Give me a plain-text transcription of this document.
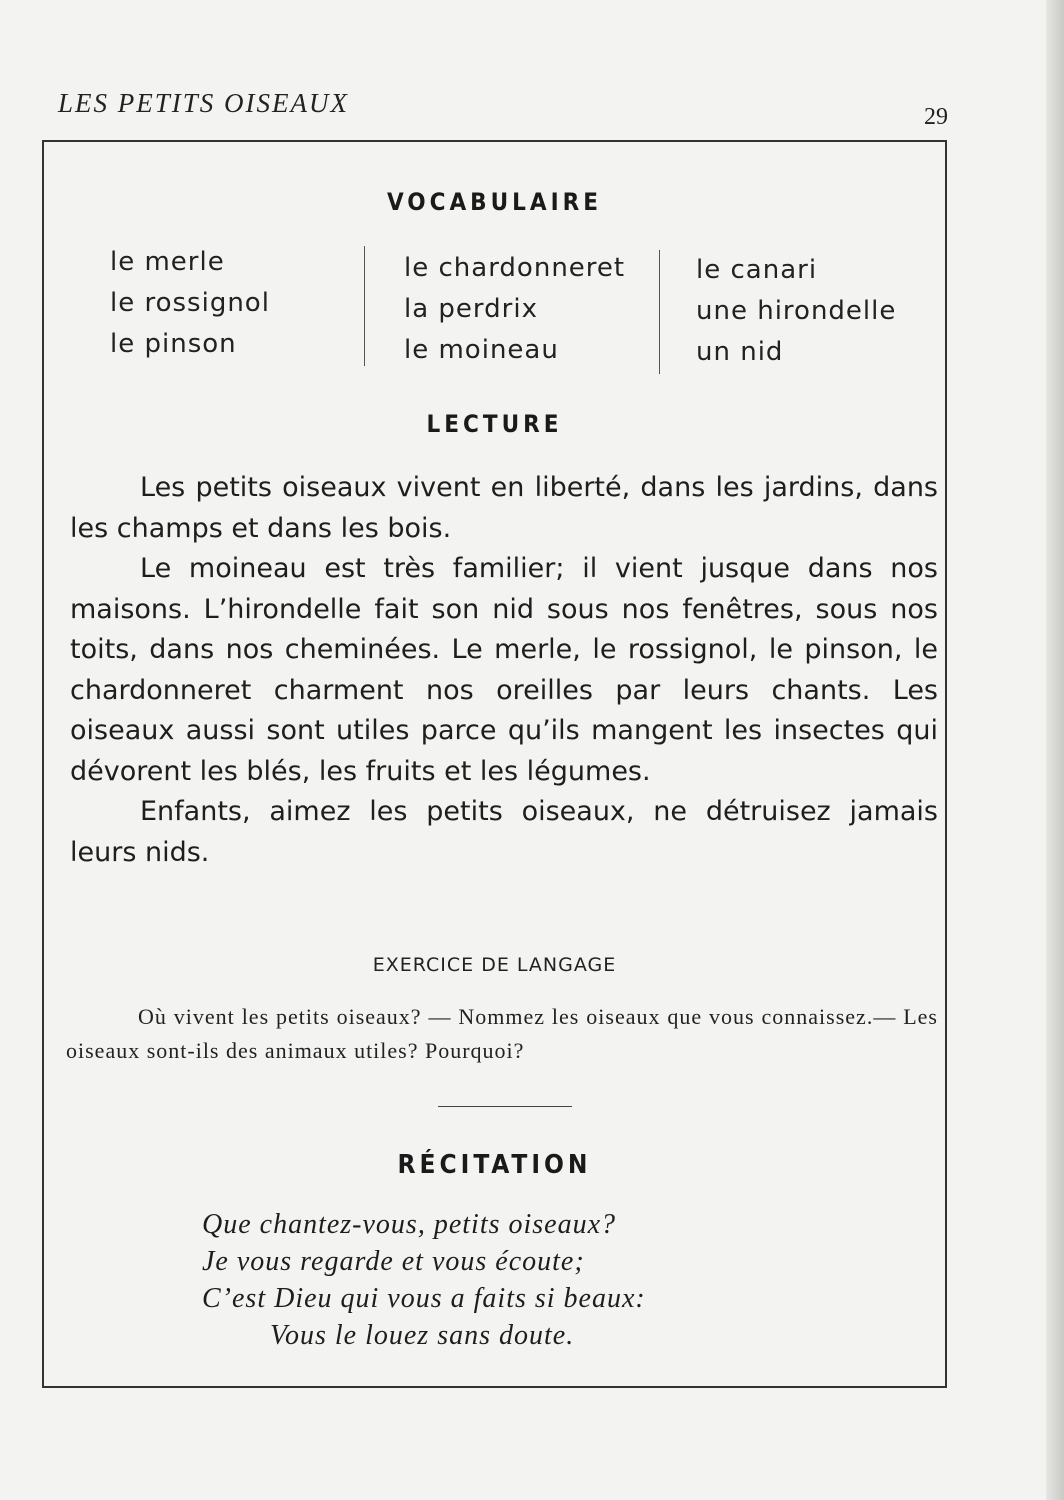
LES PETITS OISEAUX	29
VOCABULAIRE
le merle
le rossignol
le pinson
le chardonneret
la perdrix
le moineau
le canari
une hirondelle
un nid
LECTURE

Les petits oiseaux vivent en liberté, dans les jardins, dans les champs et dans les bois.

Le moineau est très familier; il vient jusque dans nos maisons. L’hirondelle fait son nid sous nos fenêtres, sous nos toits, dans nos cheminées. Le merle, le rossignol, le pinson, le chardonneret charment nos oreilles par leurs chants. Les oiseaux aussi sont utiles parce qu’ils mangent les insectes qui dévorent les blés, les fruits et les légumes.

Enfants, aimez les petits oiseaux, ne détruisez jamais leurs nids.

EXERCICE DE LANGAGE

Où vivent les petits oiseaux? — Nommez les oiseaux que vous connaissez.— Les oiseaux sont-ils des animaux utiles? Pourquoi?

RÉCITATION
Que chantez-vous, petits oiseaux?
Je vous regarde et vous écoute;
C’est Dieu qui vous a faits si beaux:
Vous le louez sans doute.
